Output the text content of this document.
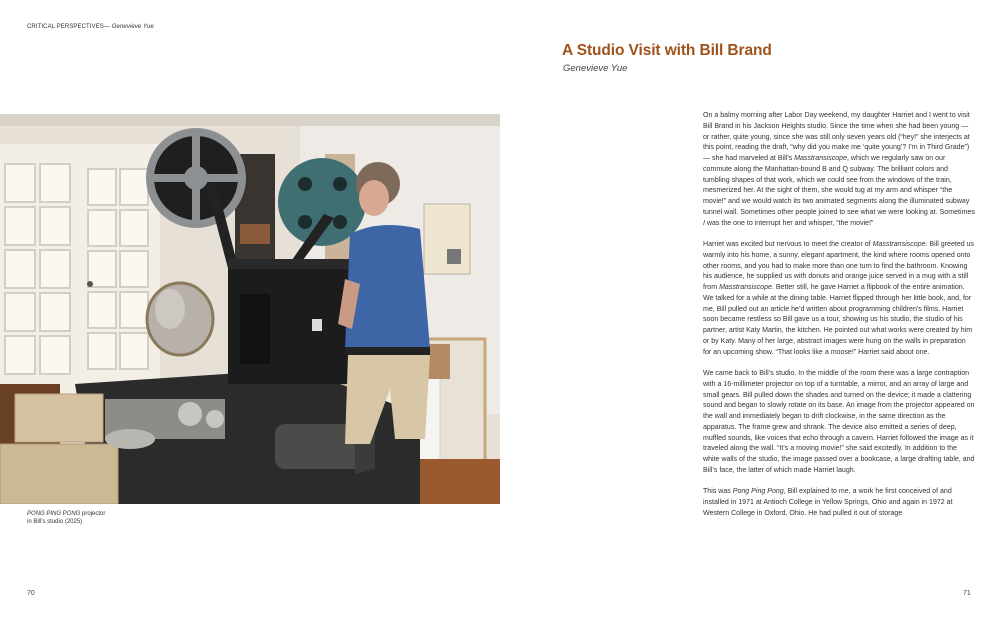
CRITICAL PERSPECTIVES— Genevieve Yue
PONG PING PONG projector
in Bill's studio (2025)
70
A Studio Visit with Bill Brand
Genevieve Yue

On a balmy morning after Labor Day weekend, my daughter Harriet and I went to visit Bill Brand in his Jackson Heights studio. Since the time when she had been young — or rather, quite young, since she was still only seven years old (“hey!” she interjects at this point, reading the draft, “why did you make me ‘quite young’? I’m in Third Grade”) — she had marveled at Bill’s Masstransiscope, which we regularly saw on our commute along the Manhattan-bound B and Q subway. The brilliant colors and tumbling shapes of that work, which we could see from the windows of the train, mesmerized her. At the sight of them, she would tug at my arm and whisper “the movie!” and we would watch its two animated segments along the illuminated subway tunnel wall. Sometimes other people joined to see what we were looking at. Sometimes I was the one to interrupt her and whisper, “the movie!”

Harriet was excited but nervous to meet the creator of Masstransiscope. Bill greeted us warmly into his home, a sunny, elegant apartment, the kind where rooms opened onto other rooms, and you had to make more than one turn to find the bathroom. Knowing his audience, he supplied us with donuts and orange juice served in a mug with a still from Masstransiscope. Better still, he gave Harriet a flipbook of the entire animation. We talked for a while at the dining table. Harriet flipped through her little book, and, for me, Bill pulled out an article he’d written about programming children’s films. Harriet soon became restless so Bill gave us a tour, showing us his studio, the studio of his partner, artist Katy Martin, the kitchen. He pointed out what works were created by him or by Katy. Many of her large, abstract images were hung on the walls in preparation for an upcoming show. “That looks like a moose!” Harriet said about one.

We came back to Bill’s studio. In the middle of the room there was a large contraption with a 16-millimeter projector on top of a turntable, a mirror, and an array of large and small gears. Bill pulled down the shades and turned on the device; it made a clattering sound and began to slowly rotate on its base. An image from the projector appeared on the wall and immediately began to drift clockwise, in the same direction as the apparatus. The frame grew and shrank. The device also emitted a series of deep, muffled sounds, like voices that echo through a cavern. Harriet followed the image as it traveled along the wall. “It’s a moving movie!” she said excitedly. In addition to the white walls of the studio, the image passed over a bookcase, a large drafting table, and Bill’s face, the latter of which made Harriet laugh.

This was Pong Ping Pong, Bill explained to me, a work he first conceived of and installed in 1971 at Antioch College in Yellow Springs, Ohio and again in 1972 at Western College in Oxford, Ohio. He had pulled it out of storage

71
